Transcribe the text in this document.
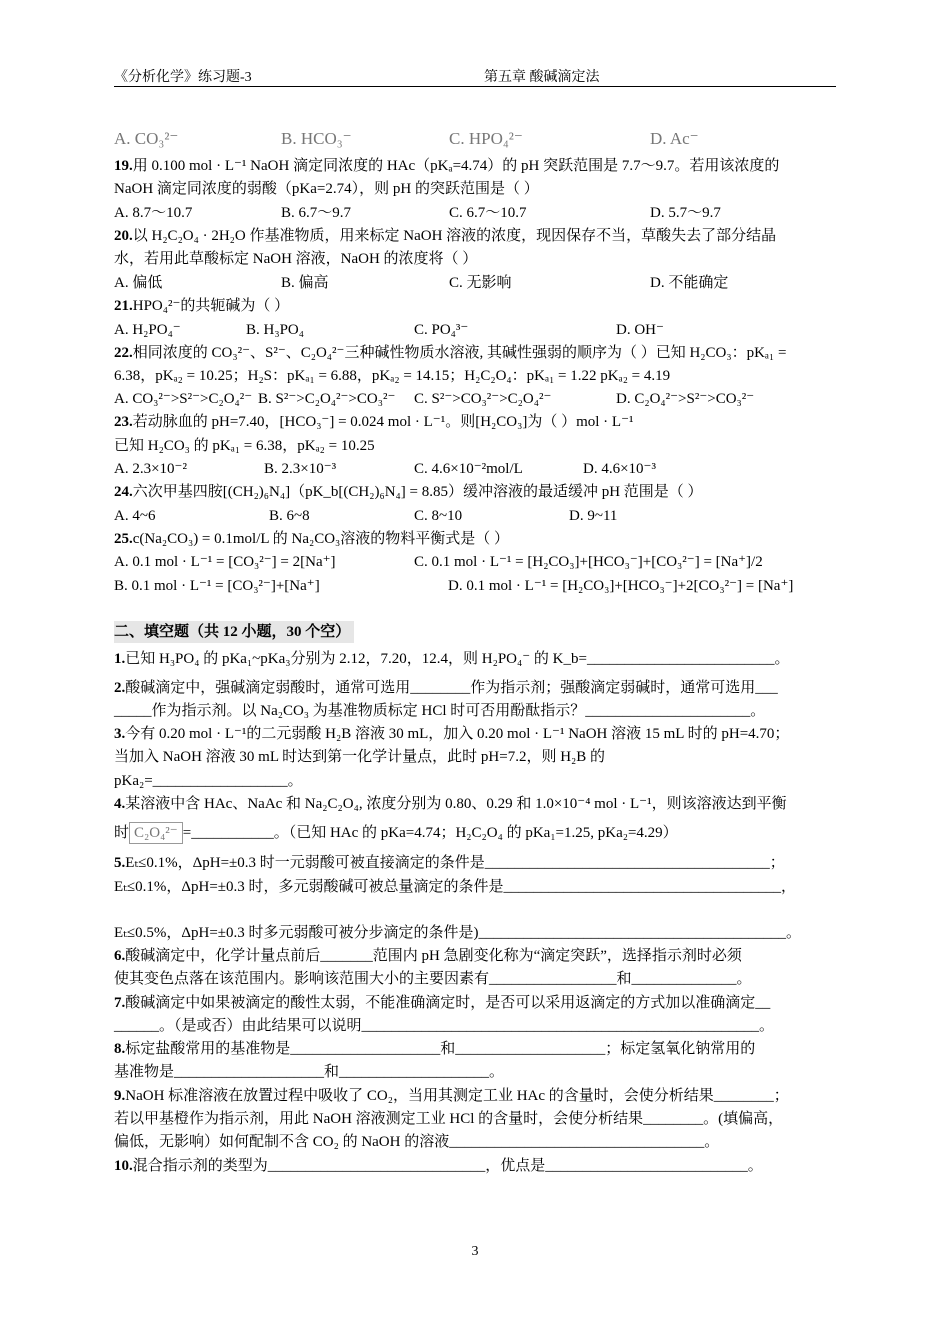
《分析化学》练习题-3	第五章 酸碱滴定法
A. CO₃²⁻	B. HCO₃⁻	C. HPO₄²⁻	D. Ac⁻
19.用 0.100 mol · L⁻¹ NaOH 滴定同浓度的 HAc（pKₐ=4.74）的 pH 突跃范围是 7.7～9.7。若用该浓度的
NaOH 滴定同浓度的弱酸（pKa=2.74），则 pH 的突跃范围是（ ）
A. 8.7～10.7	B. 6.7～9.7	C. 6.7～10.7	D. 5.7～9.7
20.以 H₂C₂O₄ · 2H₂O 作基准物质，用来标定 NaOH 溶液的浓度，现因保存不当，草酸失去了部分结晶
水，若用此草酸标定 NaOH 溶液，NaOH 的浓度将（ ）
A. 偏低	B. 偏高	C. 无影响	D. 不能确定
21.HPO₄²⁻的共轭碱为（ ）
A. H₂PO₄⁻	B. H₃PO₄	C. PO₄³⁻	D. OH⁻
22.相同浓度的 CO₃²⁻、S²⁻、C₂O₄²⁻三种碱性物质水溶液, 其碱性强弱的顺序为（ ）已知 H₂CO₃：pKₐ₁ =
6.38，pKₐ₂ = 10.25；H₂S：pKₐ₁ = 6.88，pKₐ₂ = 14.15；H₂C₂O₄：pKₐ₁ = 1.22 pKₐ₂ = 4.19
A. CO₃²⁻>S²⁻>C₂O₄²⁻ B. S²⁻>C₂O₄²⁻>CO₃²⁻ C. S²⁻>CO₃²⁻>C₂O₄²⁻	D. C₂O₄²⁻>S²⁻>CO₃²⁻
23.若动脉血的 pH=7.40，[HCO₃⁻] = 0.024 mol · L⁻¹。则[H₂CO₃]为（ ）mol · L⁻¹
已知 H₂CO₃ 的 pKₐ₁ = 6.38，pKₐ₂ = 10.25
A. 2.3×10⁻²	B. 2.3×10⁻³	C. 4.6×10⁻²mol/L	D. 4.6×10⁻³
24.六次甲基四胺[(CH₂)₆N₄]（pK_b[(CH₂)₆N₄] = 8.85）缓冲溶液的最适缓冲 pH 范围是（ ）
A. 4~6	B. 6~8	C. 8~10	D. 9~11
25.c(Na₂CO₃) = 0.1mol/L 的 Na₂CO₃溶液的物料平衡式是（ ）
A. 0.1 mol · L⁻¹ = [CO₃²⁻] = 2[Na⁺]	C. 0.1 mol · L⁻¹ = [H₂CO₃]+[HCO₃⁻]+[CO₃²⁻] = [Na⁺]/2
B. 0.1 mol · L⁻¹ = [CO₃²⁻]+[Na⁺]	D. 0.1 mol · L⁻¹ = [H₂CO₃]+[HCO₃⁻]+2[CO₃²⁻] = [Na⁺]
二、填空题（共 12 小题，30 个空）
1.已知 H₃PO₄ 的 pKa₁~pKa₃分别为 2.12，7.20，12.4，则 H₂PO₄⁻ 的 K_b=_________________________。
2.酸碱滴定中，强碱滴定弱酸时，通常可选用________作为指示剂；强酸滴定弱碱时，通常可选用___
_____作为指示剂。以 Na₂CO₃ 为基准物质标定 HCl 时可否用酚酞指示？______________________。
3.今有 0.20 mol · L⁻¹的二元弱酸 H₂B 溶液 30 mL，加入 0.20 mol · L⁻¹ NaOH 溶液 15 mL 时的 pH=4.70；
当加入 NaOH 溶液 30 mL 时达到第一化学计量点，此时 pH=7.2，则 H₂B 的
pKa₂=__________________。
4.某溶液中含 HAc、NaAc 和 Na₂C₂O₄, 浓度分别为 0.80、0.29 和 1.0×10⁻⁴ mol · L⁻¹，则该溶液达到平衡
时 C₂O₄²⁻ =___________。（已知 HAc 的 pKa=4.74；H₂C₂O₄ 的 pKa₁=1.25, pKa₂=4.29）
5.Eₜ≤0.1%，ΔpH=±0.3 时一元弱酸可被直接滴定的条件是______________________________________；
Eₜ≤0.1%，ΔpH=±0.3 时，多元弱酸碱可被总量滴定的条件是_____________________________________，
Eₜ≤0.5%，ΔpH=±0.3 时多元弱酸可被分步滴定的条件是)_________________________________________。
6.酸碱滴定中，化学计量点前后_______范围内 pH 急剧变化称为“滴定突跃”，选择指示剂时必须
使其变色点落在该范围内。影响该范围大小的主要因素有_________________和______________。
7.酸碱滴定中如果被滴定的酸性太弱，不能准确滴定时，是否可以采用返滴定的方式加以准确滴定__
______。（是或否）由此结果可以说明_____________________________________________________。
8.标定盐酸常用的基准物是____________________和____________________；标定氢氧化钠常用的
基准物是____________________和____________________。
9.NaOH 标准溶液在放置过程中吸收了 CO₂，当用其测定工业 HAc 的含量时，会使分析结果________；
若以甲基橙作为指示剂，用此 NaOH 溶液测定工业 HCl 的含量时，会使分析结果________。(填偏高，
偏低，无影响）如何配制不含 CO₂ 的 NaOH 的溶液__________________________________。
10.混合指示剂的类型为_____________________________，优点是___________________________。
3
